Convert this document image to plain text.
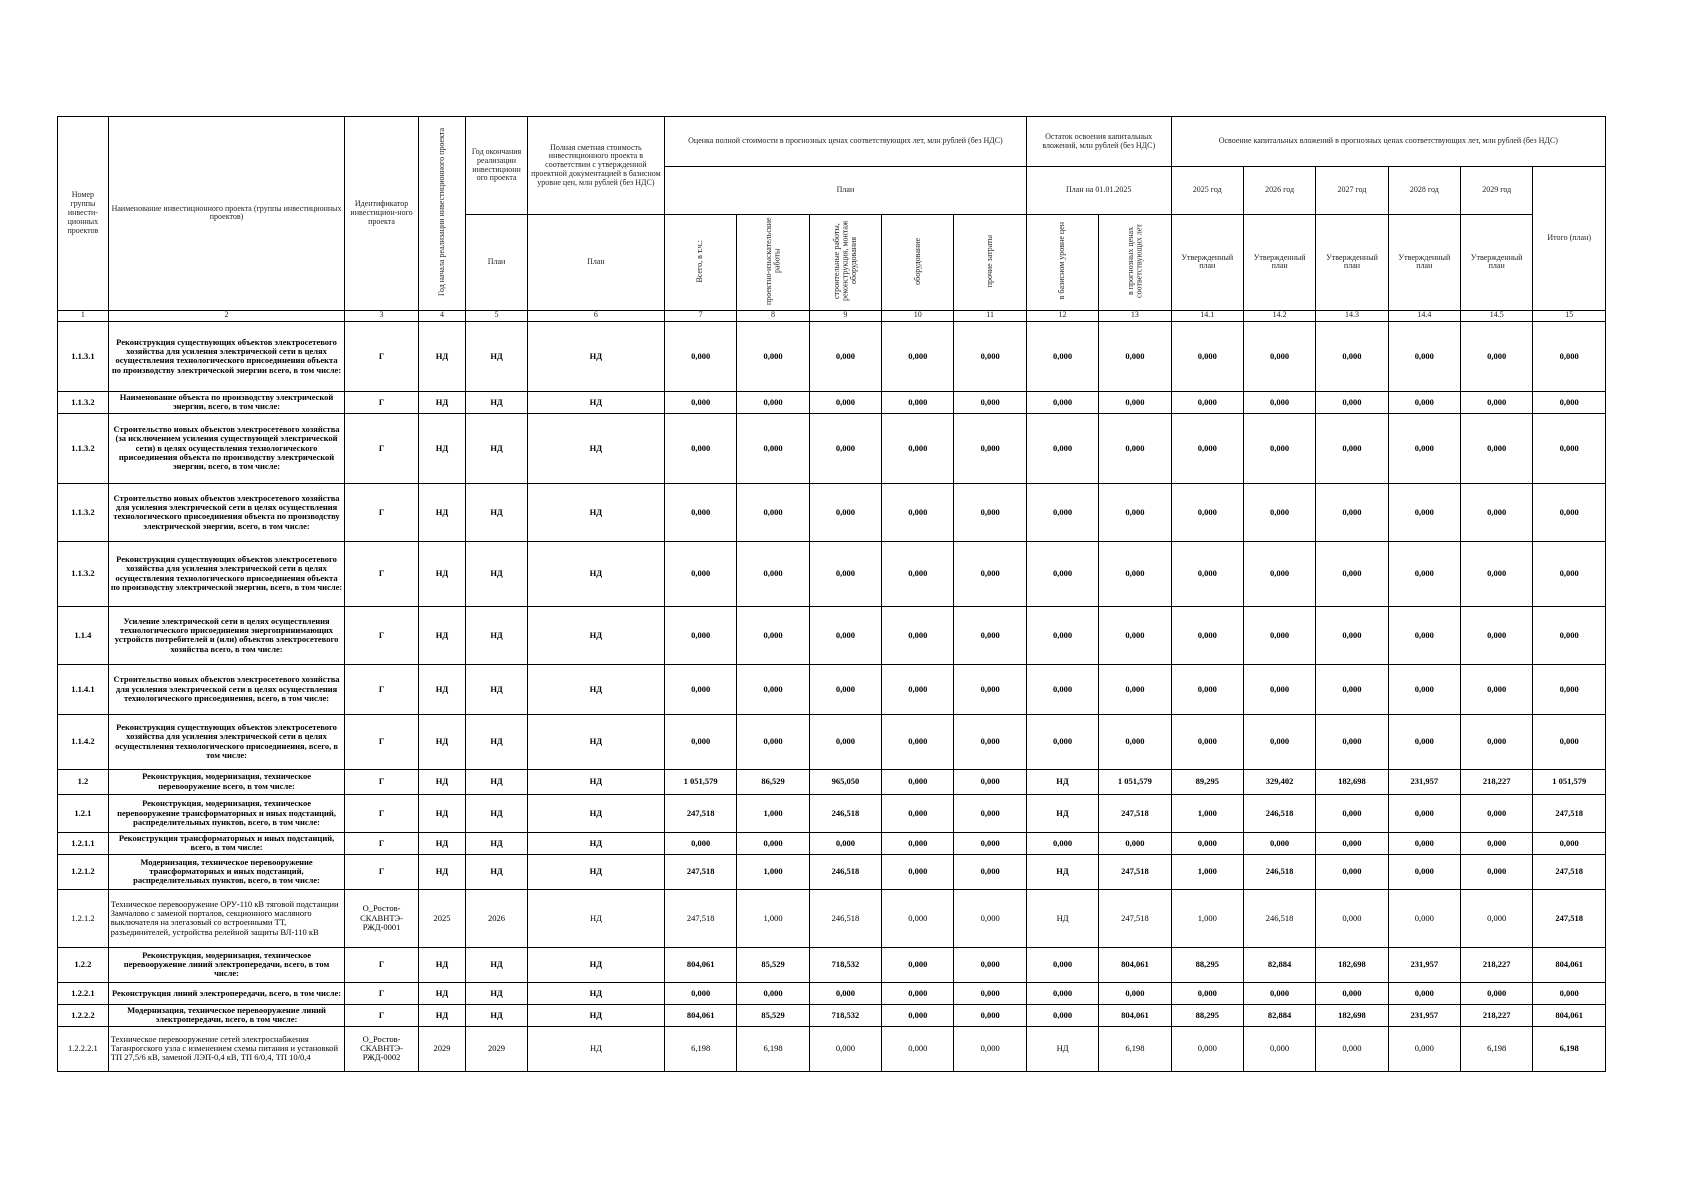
Номер группы инвести-ционных проектов	Наименование инвестиционного проекта (группы инвестиционных проектов)	Идентификатор инвестицион-ного проекта	Год начала реализации инвестиционного проекта	Год окончания реализации инвестиционн ого проекта	Полная сметная стоимость инвестиционного проекта в соответствии с утвержденной проектной документацией в базисном уровне цен, млн рублей (без НДС)	Оценка полной стоимости в прогнозных ценах соответствующих лет, млн рублей (без НДС)					Остаток освоения капитальных вложений, млн рублей (без НДС)		Освоение капитальных вложений в прогнозных ценах соответствующих лет, млн рублей (без НДС)					
						План					План на 01.01.2025		2025 год	2026 год	2027 год	2028 год	2029 год	Итого (план)
				План	План	Всего, в т.ч.:	проектно-изыскательские работы	строительные работы, реконструкция, монтаж оборудования	оборудование	прочие затраты	в базисном уровне цен	в прогнозных ценах соответствующих лет	Утвержденный план	Утвержденный план	Утвержденный план	Утвержденный план	Утвержденный план	
1	2	3	4	5	6	7	8	9	10	11	12	13	14.1	14.2	14.3	14.4	14.5	15
1.1.3.1	Реконструкция существующих объектов электросетевого хозяйства для усиления электрической сети в целях осуществления технологического присоединения объекта по производству электрической энергии всего, в том числе:	Г	НД	НД	НД	0,000	0,000	0,000	0,000	0,000	0,000	0,000	0,000	0,000	0,000	0,000	0,000	0,000
1.1.3.2	Наименование объекта по производству электрической энергии, всего, в том числе:	Г	НД	НД	НД	0,000	0,000	0,000	0,000	0,000	0,000	0,000	0,000	0,000	0,000	0,000	0,000	0,000
1.1.3.2	Строительство новых объектов электросетевого хозяйства (за исключением усиления существующей электрической сети) в целях осуществления технологического присоединения объекта по производству электрической энергии, всего, в том числе:	Г	НД	НД	НД	0,000	0,000	0,000	0,000	0,000	0,000	0,000	0,000	0,000	0,000	0,000	0,000	0,000
1.1.3.2	Строительство новых объектов электросетевого хозяйства для усиления электрической сети в целях осуществления технологического присоединения объекта по производству электрической энергии, всего, в том числе:	Г	НД	НД	НД	0,000	0,000	0,000	0,000	0,000	0,000	0,000	0,000	0,000	0,000	0,000	0,000	0,000
1.1.3.2	Реконструкция существующих объектов электросетевого хозяйства для усиления электрической сети в целях осуществления технологического присоединения объекта по производству электрической энергии, всего, в том числе:	Г	НД	НД	НД	0,000	0,000	0,000	0,000	0,000	0,000	0,000	0,000	0,000	0,000	0,000	0,000	0,000
1.1.4	Усиление электрической сети в целях осуществления технологического присоединения энергопринимающих устройств потребителей и (или) объектов электросетевого хозяйства всего, в том числе:	Г	НД	НД	НД	0,000	0,000	0,000	0,000	0,000	0,000	0,000	0,000	0,000	0,000	0,000	0,000	0,000
1.1.4.1	Строительство новых объектов электросетевого хозяйства для усиления электрической сети в целях осуществления технологического присоединения, всего, в том числе:	Г	НД	НД	НД	0,000	0,000	0,000	0,000	0,000	0,000	0,000	0,000	0,000	0,000	0,000	0,000	0,000
1.1.4.2	Реконструкция существующих объектов электросетевого хозяйства для усиления электрической сети в целях осуществления технологического присоединения, всего, в том числе:	Г	НД	НД	НД	0,000	0,000	0,000	0,000	0,000	0,000	0,000	0,000	0,000	0,000	0,000	0,000	0,000
1.2	Реконструкция, модернизация, техническое перевооружение всего, в том числе:	Г	НД	НД	НД	1 051,579	86,529	965,050	0,000	0,000	НД	1 051,579	89,295	329,402	182,698	231,957	218,227	1 051,579
1.2.1	Реконструкция, модернизация, техническое перевооружение трансформаторных и иных подстанций, распределительных пунктов, всего, в том числе:	Г	НД	НД	НД	247,518	1,000	246,518	0,000	0,000	НД	247,518	1,000	246,518	0,000	0,000	0,000	247,518
1.2.1.1	Реконструкция трансформаторных и иных подстанций, всего, в том числе:	Г	НД	НД	НД	0,000	0,000	0,000	0,000	0,000	0,000	0,000	0,000	0,000	0,000	0,000	0,000	0,000
1.2.1.2	Модернизация, техническое перевооружение трансформаторных и иных подстанций, распределительных пунктов, всего, в том числе:	Г	НД	НД	НД	247,518	1,000	246,518	0,000	0,000	НД	247,518	1,000	246,518	0,000	0,000	0,000	247,518
1.2.1.2	Техническое перевооружение ОРУ-110 кВ тяговой подстанции Замчалово с заменой порталов, секционного масляного выключателя на элегазовый со встроенными ТТ, разъединителей, устройства релейной защиты ВЛ-110 кВ	О_Ростов-СКАВНТЭ-РЖД-0001	2025	2026	НД	247,518	1,000	246,518	0,000	0,000	НД	247,518	1,000	246,518	0,000	0,000	0,000	247,518
1.2.2	Реконструкция, модернизация, техническое перевооружение линий электропередачи, всего, в том числе:	Г	НД	НД	НД	804,061	85,529	718,532	0,000	0,000	0,000	804,061	88,295	82,884	182,698	231,957	218,227	804,061
1.2.2.1	Реконструкция линий электропередачи, всего, в том числе:	Г	НД	НД	НД	0,000	0,000	0,000	0,000	0,000	0,000	0,000	0,000	0,000	0,000	0,000	0,000	0,000
1.2.2.2	Модернизация, техническое перевооружение линий электропередачи, всего, в том числе:	Г	НД	НД	НД	804,061	85,529	718,532	0,000	0,000	0,000	804,061	88,295	82,884	182,698	231,957	218,227	804,061
1.2.2.2.1	Техническое перевооружение сетей электроснабжения Таганрогского узла с изменением схемы питания и установкой ТП 27,5/6 кВ, заменой ЛЭП-0,4 кВ, ТП 6/0,4, ТП 10/0,4	О_Ростов-СКАВНТЭ-РЖД-0002	2029	2029	НД	6,198	6,198	0,000	0,000	0,000	НД	6,198	0,000	0,000	0,000	0,000	6,198	6,198
